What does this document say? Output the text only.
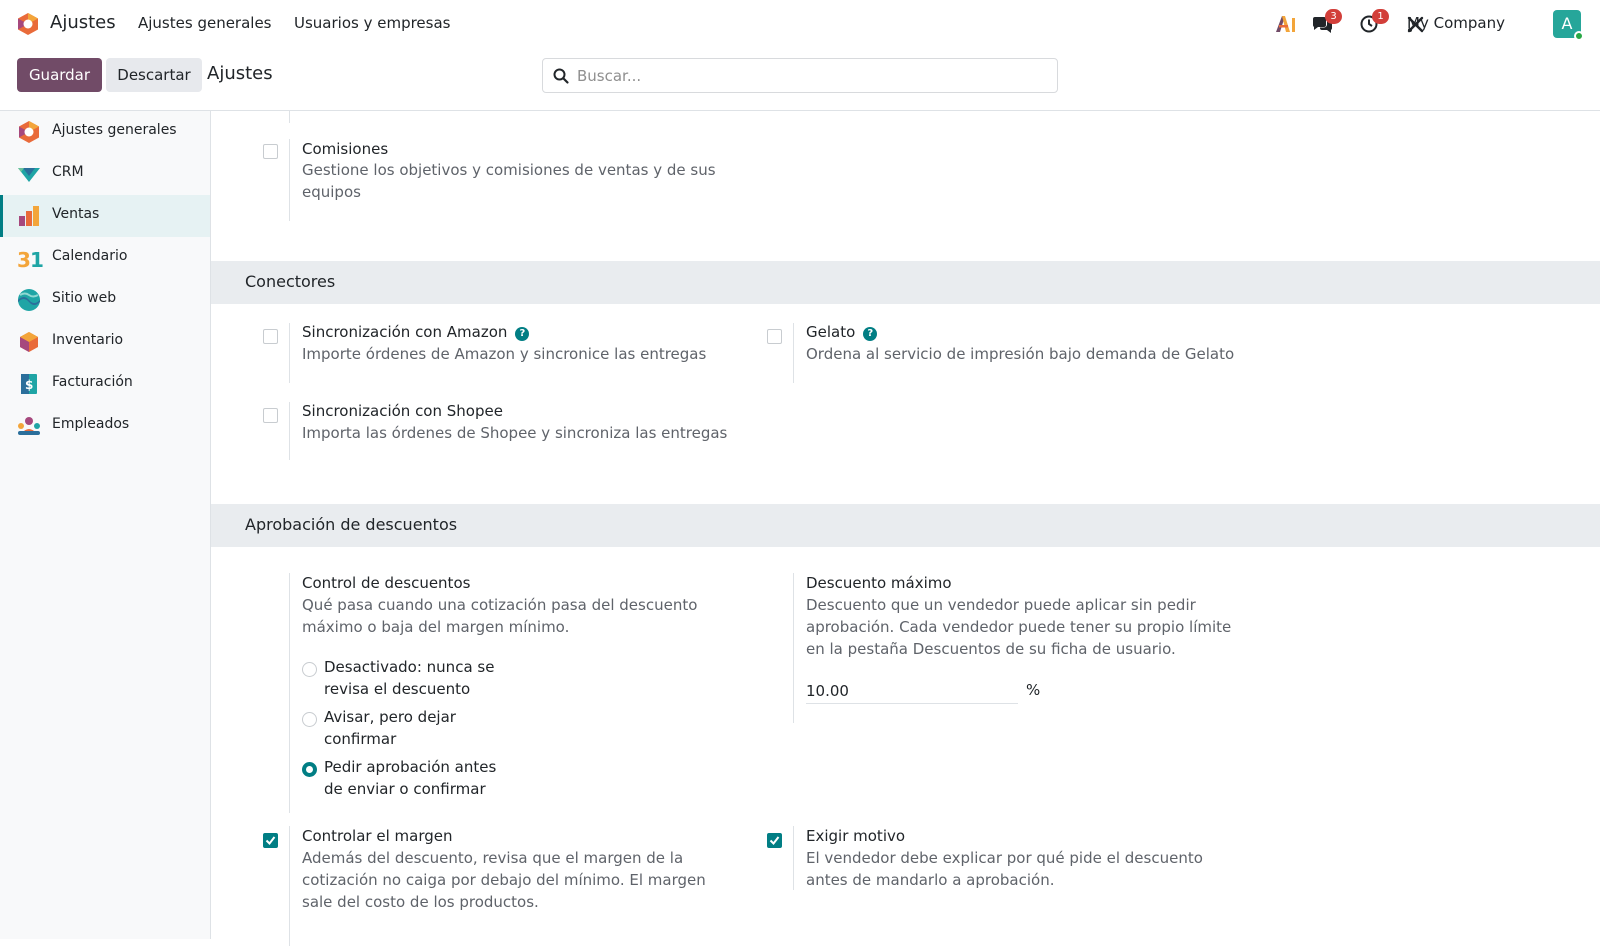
Ajustes Ajustes generales Usuarios y empresas	3	1	My Company	A
Guardar	Descartar Ajustes
Buscar...
Ajustes generales
CRM
Ventas
3 1 Calendario
Sitio web
Inventario
$ Facturación
Empleados
Comisiones
Gestione los objetivos y comisiones de ventas y de sus
equipos
Conectores
Sincronización con Amazon ?
Importe órdenes de Amazon y sincronice las entregas
Gelato ?
Ordena al servicio de impresión bajo demanda de Gelato
Sincronización con Shopee
Importa las órdenes de Shopee y sincroniza las entregas
Aprobación de descuentos
Control de descuentos
Qué pasa cuando una cotización pasa del descuento
máximo o baja del margen mínimo.
Desactivado: nunca se
revisa el descuento
Avisar, pero dejar
confirmar
Pedir aprobación antes
de enviar o confirmar
Descuento máximo
Descuento que un vendedor puede aplicar sin pedir
aprobación. Cada vendedor puede tener su propio límite
en la pestaña Descuentos de su ficha de usuario.
10.00
%
Controlar el margen
Además del descuento, revisa que el margen de la
cotización no caiga por debajo del mínimo. El margen
sale del costo de los productos.
Exigir motivo
El vendedor debe explicar por qué pide el descuento
antes de mandarlo a aprobación.
